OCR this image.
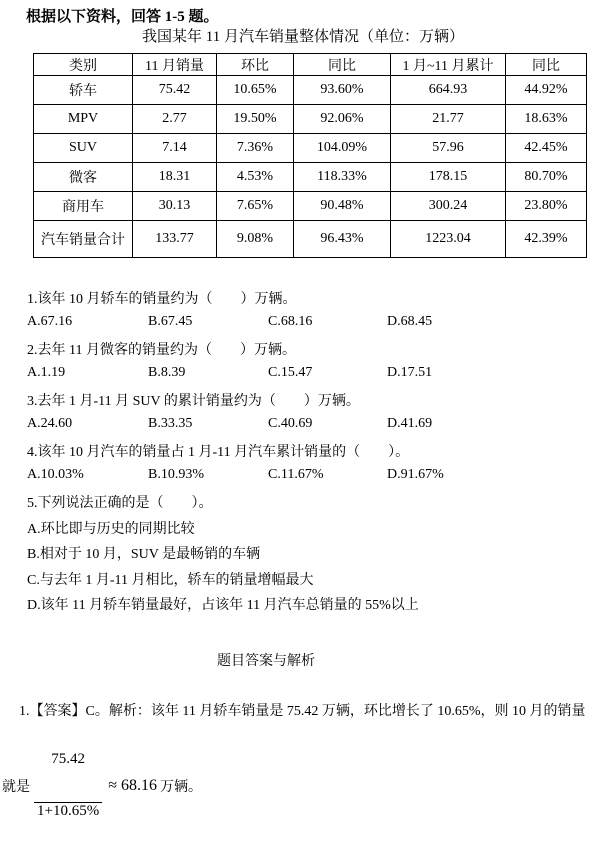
根据以下资料，回答 1-5 题。
我国某年 11 月汽车销量整体情况（单位：万辆）
类别	11 月销量	环比	同比	1 月~11 月累计	同比
轿车	75.42	10.65%	93.60%	664.93	44.92%
MPV	2.77	19.50%	92.06%	21.77	18.63%
SUV	7.14	7.36%	104.09%	57.96	42.45%
微客	18.31	4.53%	118.33%	178.15	80.70%
商用车	30.13	7.65%	90.48%	300.24	23.80%
汽车销量合计	133.77	9.08%	96.43%	1223.04	42.39%
1.该年 10 月轿车的销量约为（　　）万辆。

A.67.16

	B.67.45

	C.68.16

	D.68.45

2.去年 11 月微客的销量约为（　　）万辆。

A.1.19

	B.8.39

	C.15.47

	D.17.51

3.去年 1 月-11 月 SUV 的累计销量约为（　　）万辆。

A.24.60

	B.33.35

	C.40.69

	D.41.69

4.该年 10 月汽车的销量占 1 月-11 月汽车累计销量的（　　）。

A.10.03%

	B.10.93%

	C.11.67%

	D.91.67%

5.下列说法正确的是（　　）。
A.环比即与历史的同期比较
B.相对于 10 月，SUV 是最畅销的车辆
C.与去年 1 月-11 月相比，轿车的销量增幅最大
D.该年 11 月轿车销量最好，占该年 11 月汽车总销量的 55%以上
题目答案与解析
1.【答案】C。解析：该年 11 月轿车销量是 75.42 万辆，环比增长了 10.65%，则 10 月的销量
就是

$\frac{75.42}{1+10.65\%}$

≈ 68.16 万辆。
